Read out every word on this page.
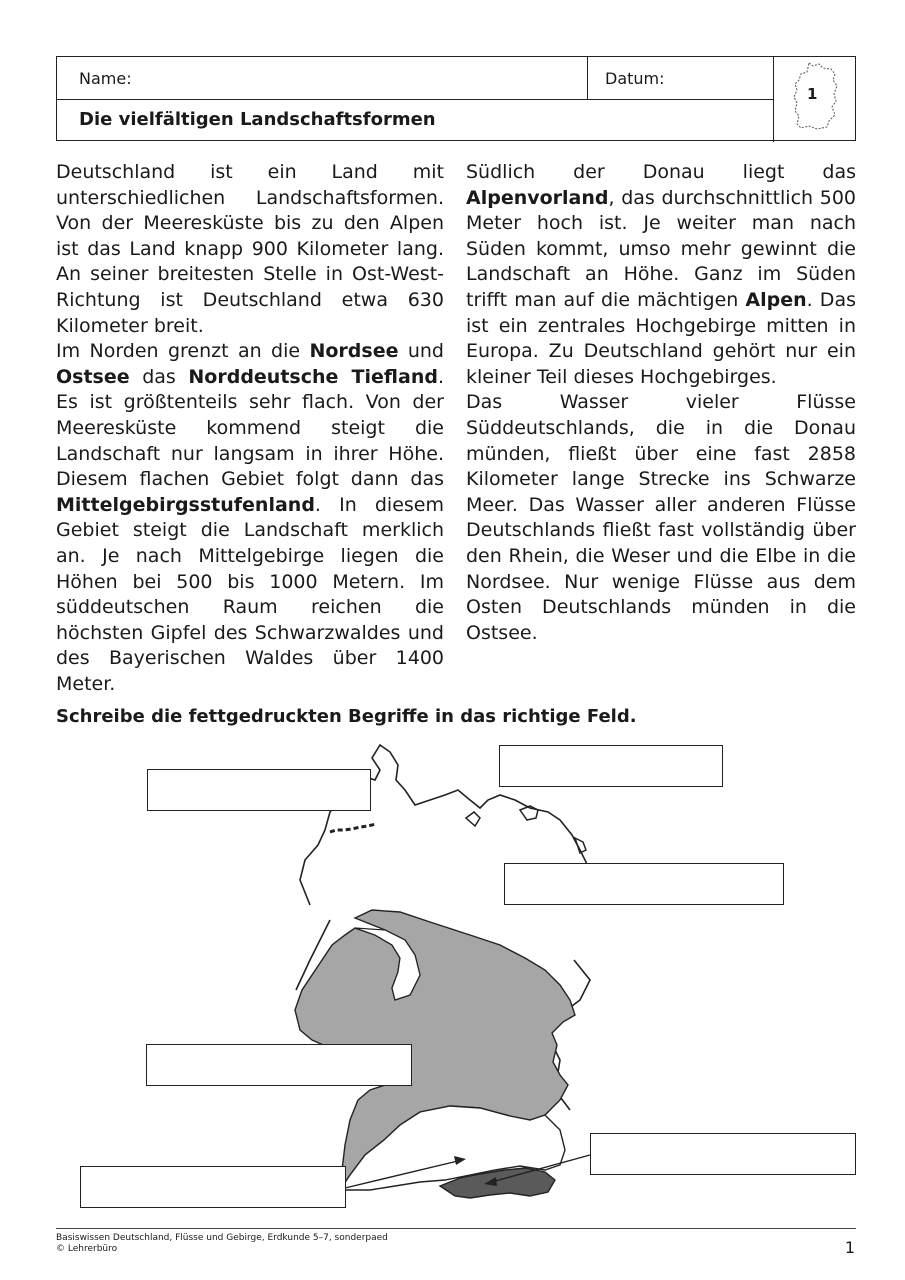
Name:	Datum:
Die vielfältigen Landschaftsformen
1

Deutschland ist ein Land mit unterschiedlichen Landschaftsformen. Von der Meeresküste bis zu den Alpen ist das Land knapp 900 Kilometer lang. An seiner breitesten Stelle in Ost-West-Richtung ist Deutschland etwa 630 Kilometer breit.

Im Norden grenzt an die Nordsee und Ostsee das Norddeutsche Tiefland. Es ist größtenteils sehr flach. Von der Meeresküste kommend steigt die Landschaft nur langsam in ihrer Höhe. Diesem flachen Gebiet folgt dann das Mittelgebirgsstufenland. In diesem Gebiet steigt die Landschaft merklich an. Je nach Mittelgebirge liegen die Höhen bei 500 bis 1000 Metern. Im süddeutschen Raum reichen die höchsten Gipfel des Schwarzwaldes und des Bayerischen Waldes über 1400 Meter.

Südlich der Donau liegt das Alpenvorland, das durchschnittlich 500 Meter hoch ist. Je weiter man nach Süden kommt, umso mehr gewinnt die Landschaft an Höhe. Ganz im Süden trifft man auf die mächtigen Alpen. Das ist ein zentrales Hochgebirge mitten in Europa. Zu Deutschland gehört nur ein kleiner Teil dieses Hochgebirges.

Das Wasser vieler Flüsse Süddeutschlands, die in die Donau münden, fließt über eine fast 2858 Kilometer lange Strecke ins Schwarze Meer. Das Wasser aller anderen Flüsse Deutschlands fließt fast vollständig über den Rhein, die Weser und die Elbe in die Nordsee. Nur wenige Flüsse aus dem Osten Deutschlands münden in die Ostsee.

Schreibe die fettgedruckten Begriffe in das richtige Feld.
Basiswissen Deutschland, Flüsse und Gebirge, Erdkunde 5–7, sonderpaed
© Lehrerbüro	1
